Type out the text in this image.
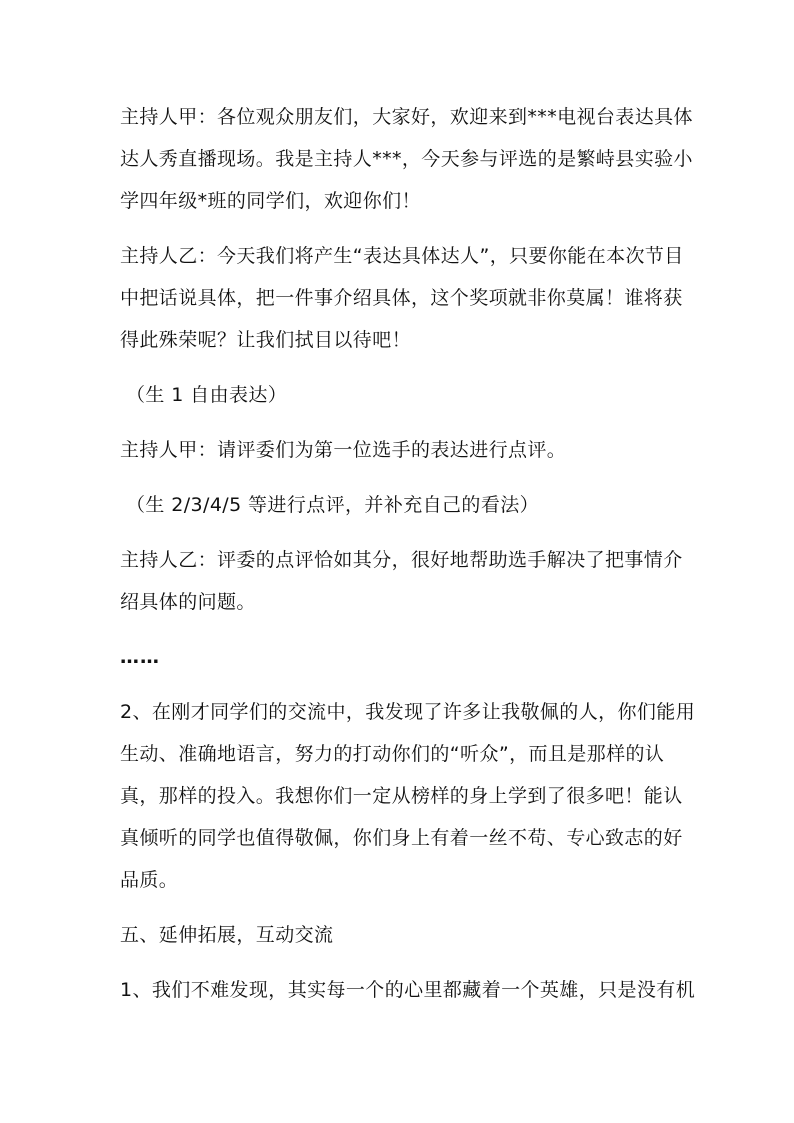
主持人甲：各位观众朋友们，大家好，欢迎来到***电视台表达具体
达人秀直播现场。我是主持人***，今天参与评选的是繁峙县实验小
学四年级*班的同学们，欢迎你们！
主持人乙：今天我们将产生“表达具体达人”，只要你能在本次节目
中把话说具体，把一件事介绍具体，这个奖项就非你莫属！谁将获
得此殊荣呢？让我们拭目以待吧！
（生 1 自由表达）
主持人甲：请评委们为第一位选手的表达进行点评。
（生 2/3/4/5 等进行点评，并补充自己的看法）
主持人乙：评委的点评恰如其分，很好地帮助选手解决了把事情介
绍具体的问题。
……
2、在刚才同学们的交流中，我发现了许多让我敬佩的人，你们能用
生动、准确地语言，努力的打动你们的“听众”，而且是那样的认
真，那样的投入。我想你们一定从榜样的身上学到了很多吧！能认
真倾听的同学也值得敬佩，你们身上有着一丝不苟、专心致志的好
品质。
五、延伸拓展，互动交流
1、我们不难发现，其实每一个的心里都藏着一个英雄，只是没有机
